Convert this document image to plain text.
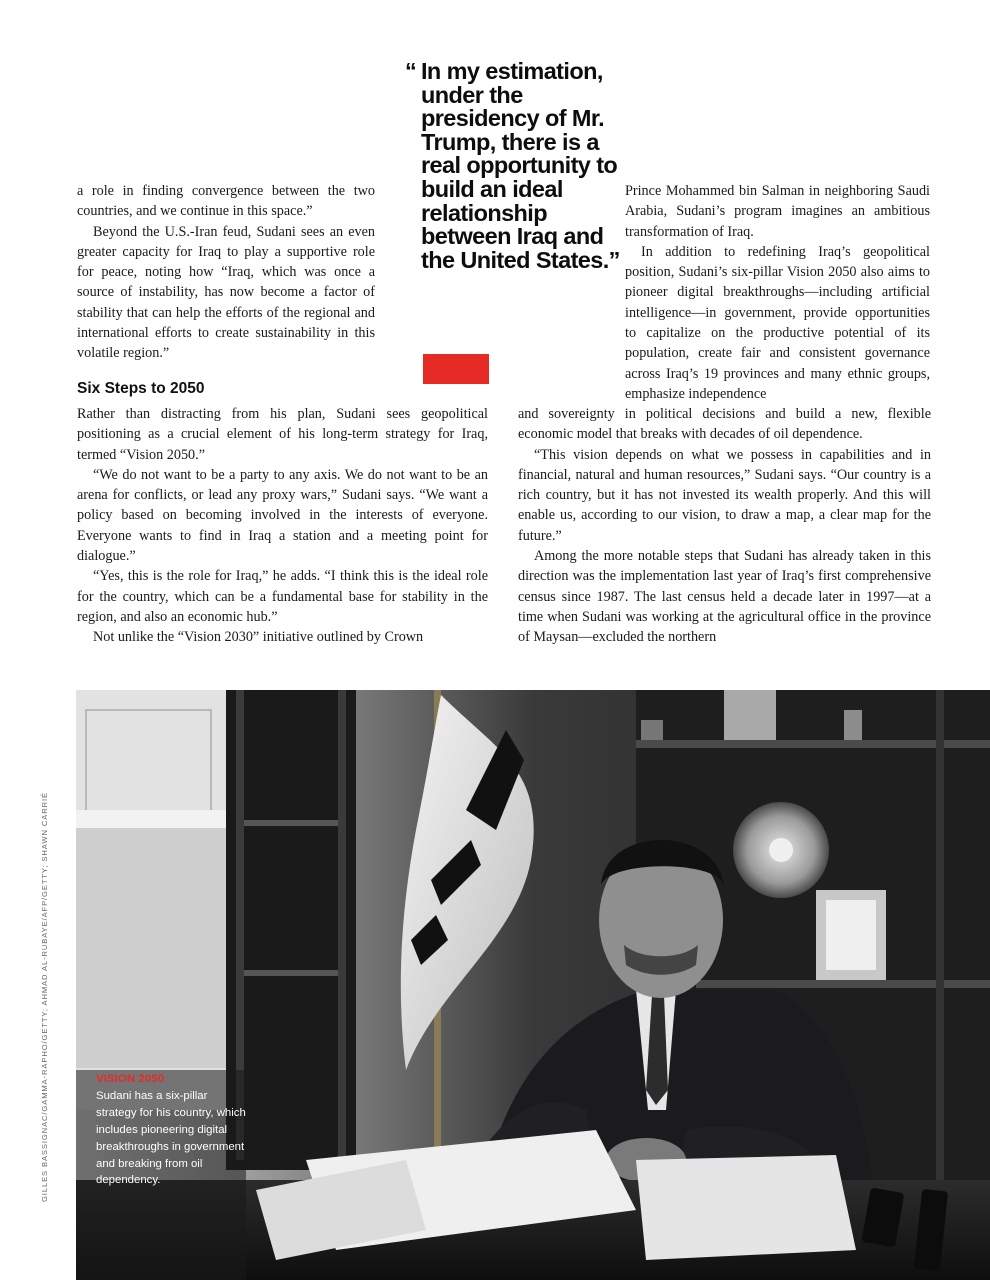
a role in finding convergence between the two countries, and we continue in this space.”

Beyond the U.S.-Iran feud, Sudani sees an even greater capacity for Iraq to play a supportive role for peace, noting how “Iraq, which was once a source of instability, has now become a factor of stability that can help the efforts of the regional and international efforts to create sustainability in this volatile region.”

Six Steps to 2050

Rather than distracting from his plan, Sudani sees geopolitical positioning as a crucial element of his long-term strategy for Iraq, termed “Vision 2050.”

“We do not want to be a party to any axis. We do not want to be an arena for conflicts, or lead any proxy wars,” Sudani says. “We want a policy based on becoming involved in the interests of everyone. Everyone wants to find in Iraq a station and a meeting point for dialogue.”

“Yes, this is the role for Iraq,” he adds. “I think this is the ideal role for the country, which can be a fundamental base for stability in the region, and also an economic hub.”

Not unlike the “Vision 2030” initiative outlined by Crown

“ In my estimation, under the presidency of Mr. Trump, there is a real opportunity to build an ideal relationship between Iraq and the United States.”

Prince Mohammed bin Salman in neighboring Saudi Arabia, Sudani’s program imagines an ambitious transformation of Iraq.

In addition to redefining Iraq’s geopolitical position, Sudani’s six-pillar Vision 2050 also aims to pioneer digital breakthroughs—including artificial intelligence—in government, provide opportunities to capitalize on the productive potential of its population, create fair and consistent governance across Iraq’s 19 provinces and many ethnic groups, emphasize independence

and sovereignty in political decisions and build a new, flexible economic model that breaks with decades of oil dependence.

“This vision depends on what we possess in capabilities and in financial, natural and human resources,” Sudani says. “Our country is a rich country, but it has not invested its wealth properly. And this will enable us, according to our vision, to draw a map, a clear map for the future.”

Among the more notable steps that Sudani has already taken in this direction was the implementation last year of Iraq’s first comprehensive census since 1987. The last census held a decade later in 1997—at a time when Sudani was working at the agricultural office in the province of Maysan—excluded the northern

GILLES BASSIGNAC/GAMMA-RAPHO/GETTY; AHMAD AL-RUBAYE/AFP/GETTY; SHAWN CARRIÉ	VISION 2050
Sudani has a six-pillar strategy for his country, which includes pioneering digital breakthroughs in government and breaking from oil dependency.
